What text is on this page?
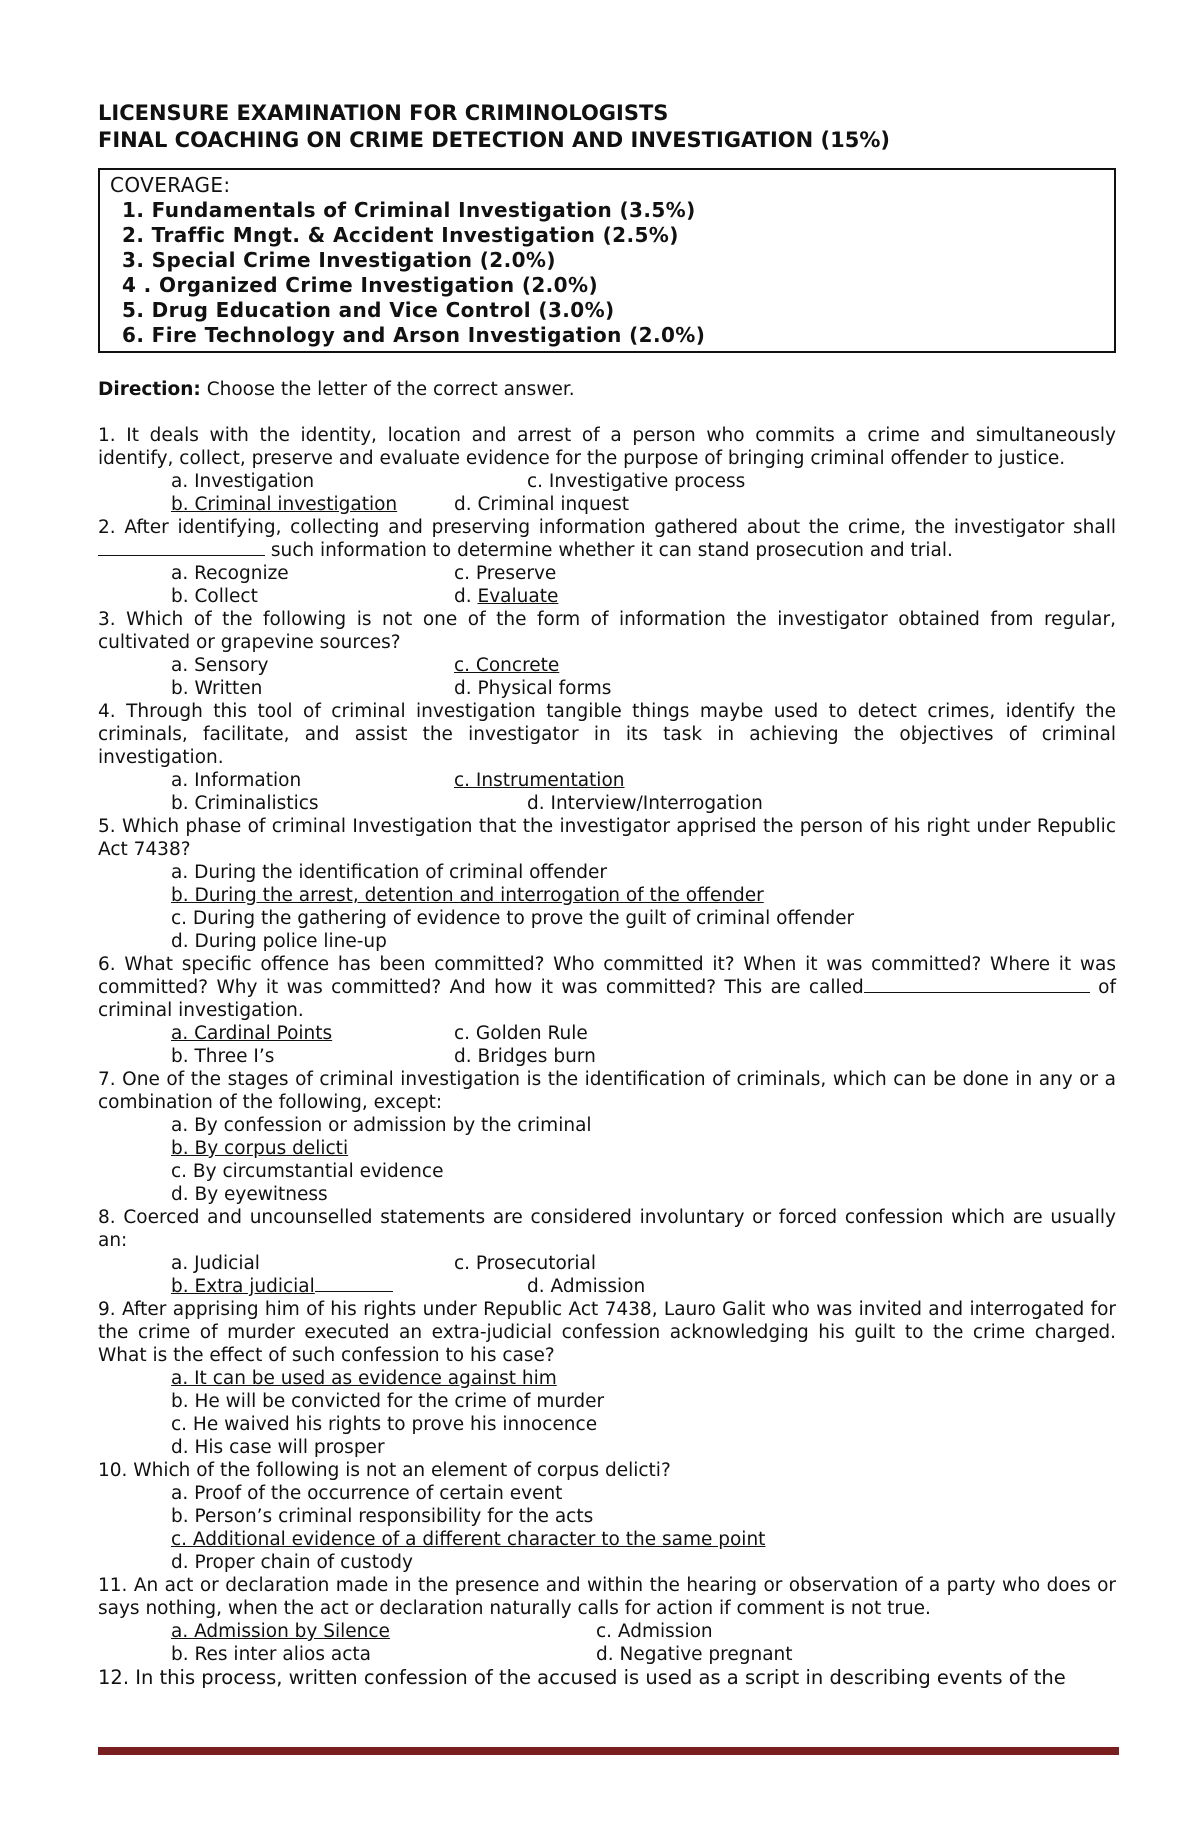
LICENSURE EXAMINATION FOR CRIMINOLOGISTS

FINAL COACHING ON CRIME DETECTION AND INVESTIGATION (15%)

COVERAGE:
1. Fundamentals of Criminal Investigation (3.5%)
2. Traffic Mngt. & Accident Investigation (2.5%)
3. Special Crime Investigation (2.0%)
4 . Organized Crime Investigation (2.0%)
5. Drug Education and Vice Control (3.0%)
6. Fire Technology and Arson Investigation (2.0%)
Direction: Choose the letter of the correct answer.
1. It deals with the identity, location and arrest of a person who commits a crime and simultaneously identify, collect, preserve and evaluate evidence for the purpose of bringing criminal offender to justice.
a. Investigation	c. Investigative process
b. Criminal investigation	d. Criminal inquest
2. After identifying, collecting and preserving information gathered about the crime, the investigator shall  such information to determine whether it can stand prosecution and trial.
a. Recognize	c. Preserve
b. Collect	d. Evaluate
3. Which of the following is not one of the form of information the investigator obtained from regular, cultivated or grapevine sources?
a. Sensory	c. Concrete
b. Written	d. Physical forms
4. Through this tool of criminal investigation tangible things maybe used to detect crimes, identify the criminals, facilitate, and assist the investigator in its task in achieving the objectives of criminal investigation.
a. Information	c. Instrumentation
b. Criminalistics	d. Interview/Interrogation
5. Which phase of criminal Investigation that the investigator apprised the person of his right under Republic Act 7438?
a. During the identification of criminal offender
b. During the arrest, detention and interrogation of the offender
c. During the gathering of evidence to prove the guilt of criminal offender
d. During police line-up
6. What specific offence has been committed? Who committed it? When it was committed? Where it was committed? Why it was committed? And how it was committed? This are called	of criminal investigation.
a. Cardinal Points	c. Golden Rule
b. Three I’s	d. Bridges burn
7. One of the stages of criminal investigation is the identification of criminals, which can be done in any or a combination of the following, except:
a. By confession or admission by the criminal
b. By corpus delicti
c. By circumstantial evidence
d. By eyewitness
8. Coerced and uncounselled statements are considered involuntary or forced confession which are usually an:
a. Judicial	c. Prosecutorial
b. Extra judicial	d. Admission
9. After apprising him of his rights under Republic Act 7438, Lauro Galit who was invited and interrogated for the crime of murder executed an extra-judicial confession acknowledging his guilt to the crime charged. What is the effect of such confession to his case?
a. It can be used as evidence against him
b. He will be convicted for the crime of murder
c. He waived his rights to prove his innocence
d. His case will prosper
10. Which of the following is not an element of corpus delicti?
a. Proof of the occurrence of certain event
b. Person’s criminal responsibility for the acts
c. Additional evidence of a different character to the same point
d. Proper chain of custody
11. An act or declaration made in the presence and within the hearing or observation of a party who does or says nothing, when the act or declaration naturally calls for action if comment is not true.
a. Admission by Silence	c. Admission
b. Res inter alios acta	d. Negative pregnant
12. In this process, written confession of the accused is used as a script in describing events of the
